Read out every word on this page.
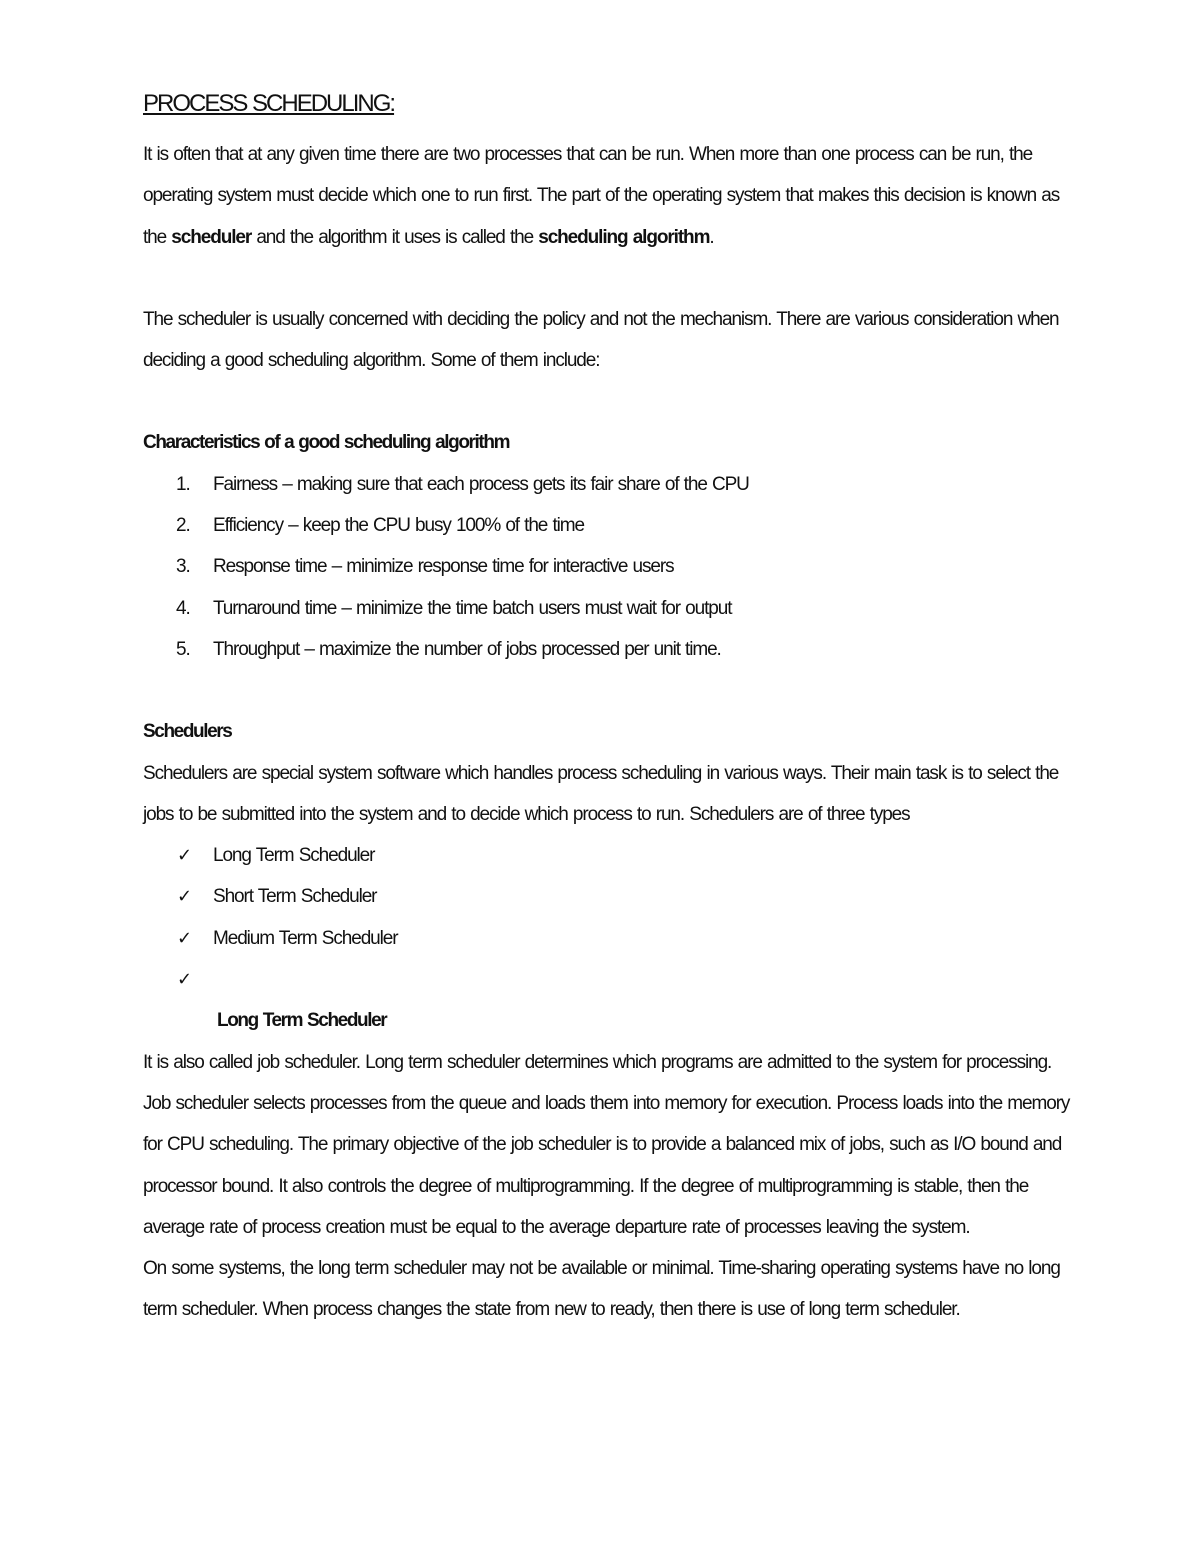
PROCESS SCHEDULING:

It is often that at any given time there are two processes that can be run. When more than one process can be run, the operating system must decide which one to run first. The part of the operating system that makes this decision is known as the scheduler and the algorithm it uses is called the scheduling algorithm.

The scheduler is usually concerned with deciding the policy and not the mechanism. There are various consideration when deciding a good scheduling algorithm. Some of them include:

Characteristics of a good scheduling algorithm
1.	Fairness – making sure that each process gets its fair share of the CPU
2.	Efficiency – keep the CPU busy 100% of the time
3.	Response time – minimize response time for interactive users
4.	Turnaround time – minimize the time batch users must wait for output
5.	Throughput – maximize the number of jobs processed per unit time.
Schedulers

Schedulers are special system software which handles process scheduling in various ways. Their main task is to select the jobs to be submitted into the system and to decide which process to run. Schedulers are of three types

✓	Long Term Scheduler
✓	Short Term Scheduler
✓	Medium Term Scheduler
✓
Long Term Scheduler

It is also called job scheduler. Long term scheduler determines which programs are admitted to the system for processing. Job scheduler selects processes from the queue and loads them into memory for execution. Process loads into the memory for CPU scheduling. The primary objective of the job scheduler is to provide a balanced mix of jobs, such as I/O bound and processor bound. It also controls the degree of multiprogramming. If the degree of multiprogramming is stable, then the average rate of process creation must be equal to the average departure rate of processes leaving the system.

On some systems, the long term scheduler may not be available or minimal. Time-sharing operating systems have no long term scheduler. When process changes the state from new to ready, then there is use of long term scheduler.
